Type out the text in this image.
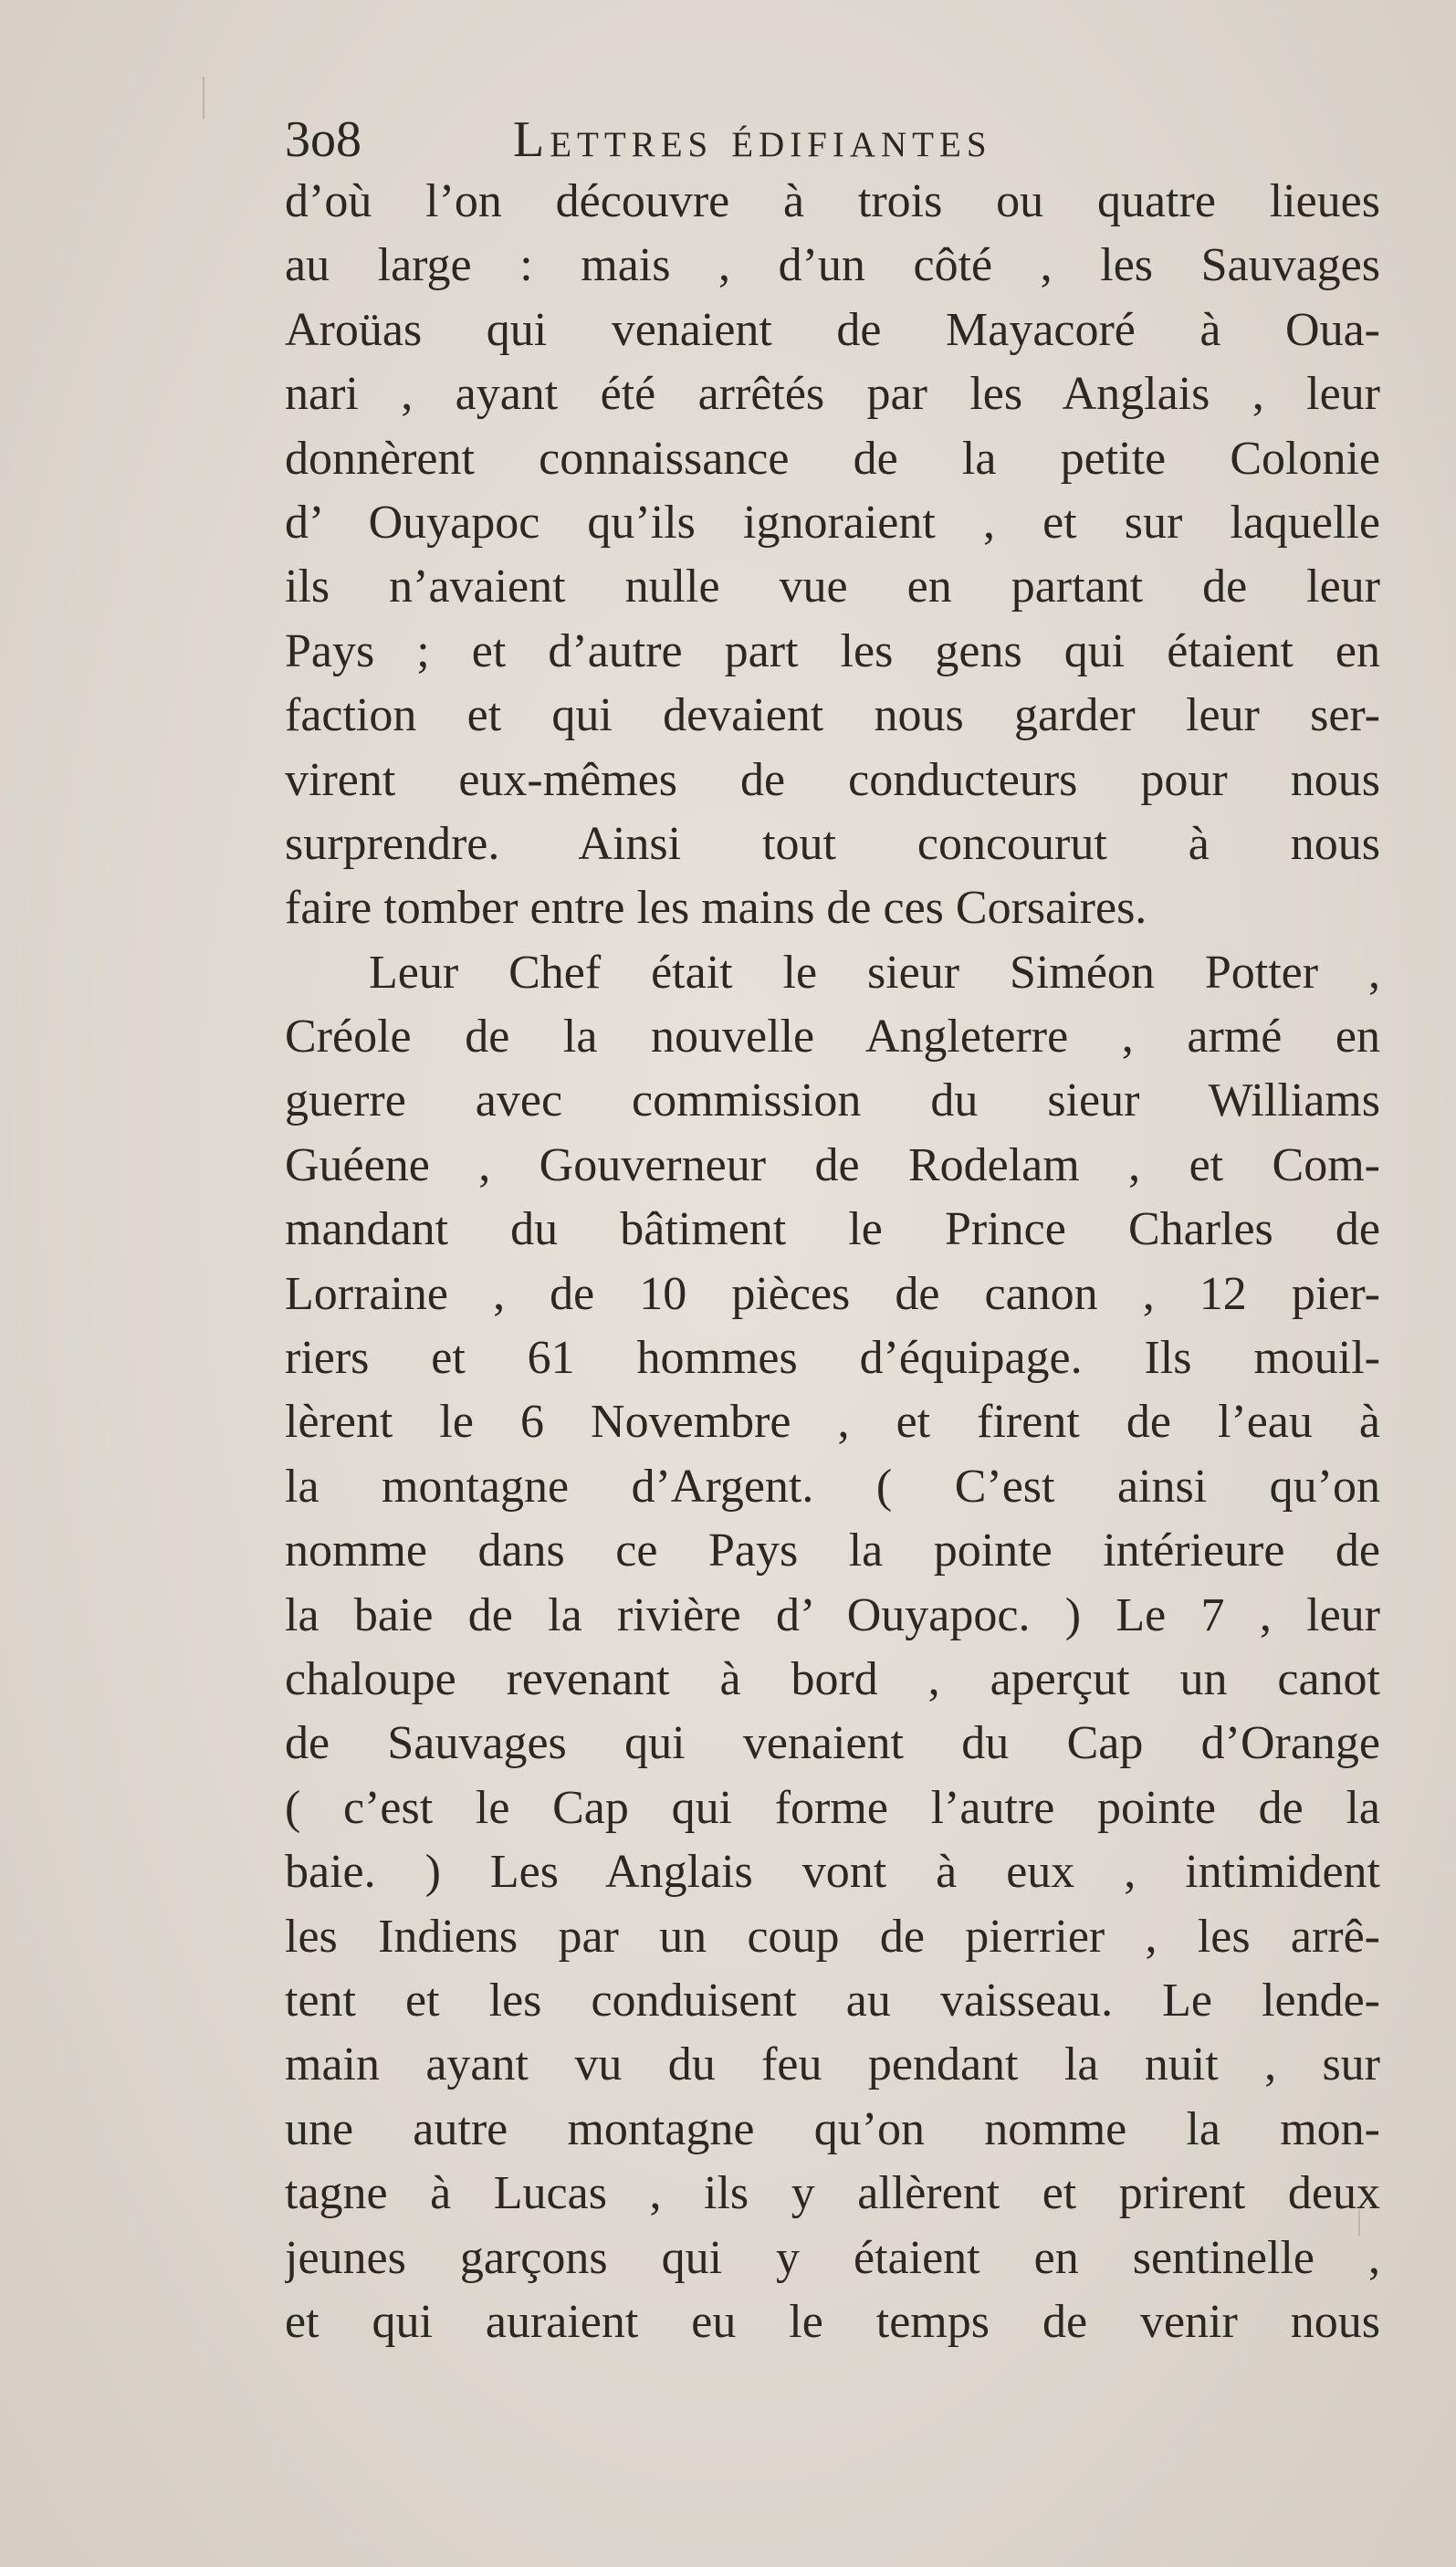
3o8	Lettres édifiantes
d’où l’on découvre à trois ou quatre lieues
au large : mais , d’un côté , les Sauvages
Aroüas qui venaient de Mayacoré à Oua-
nari , ayant été arrêtés par les Anglais , leur
donnèrent connaissance de la petite Colonie
d’ Ouyapoc qu’ils ignoraient , et sur laquelle
ils n’avaient nulle vue en partant de leur
Pays ; et d’autre part les gens qui étaient en
faction et qui devaient nous garder leur ser-
virent eux-mêmes de conducteurs pour nous
surprendre. Ainsi tout concourut à nous
faire tomber entre les mains de ces Corsaires.
Leur Chef était le sieur Siméon Potter ,
Créole de la nouvelle Angleterre , armé en
guerre avec commission du sieur Williams
Guéene , Gouverneur de Rodelam , et Com-
mandant du bâtiment le Prince Charles de
Lorraine , de 10 pièces de canon , 12 pier-
riers et 61 hommes d’équipage. Ils mouil-
lèrent le 6 Novembre , et firent de l’eau à
la montagne d’Argent. ( C’est ainsi qu’on
nomme dans ce Pays la pointe intérieure de
la baie de la rivière d’ Ouyapoc. ) Le 7 , leur
chaloupe revenant à bord , aperçut un canot
de Sauvages qui venaient du Cap d’Orange
( c’est le Cap qui forme l’autre pointe de la
baie. ) Les Anglais vont à eux , intimident
les Indiens par un coup de pierrier , les arrê-
tent et les conduisent au vaisseau. Le lende-
main ayant vu du feu pendant la nuit , sur
une autre montagne qu’on nomme la mon-
tagne à Lucas , ils y allèrent et prirent deux
jeunes garçons qui y étaient en sentinelle ,
et qui auraient eu le temps de venir nous
